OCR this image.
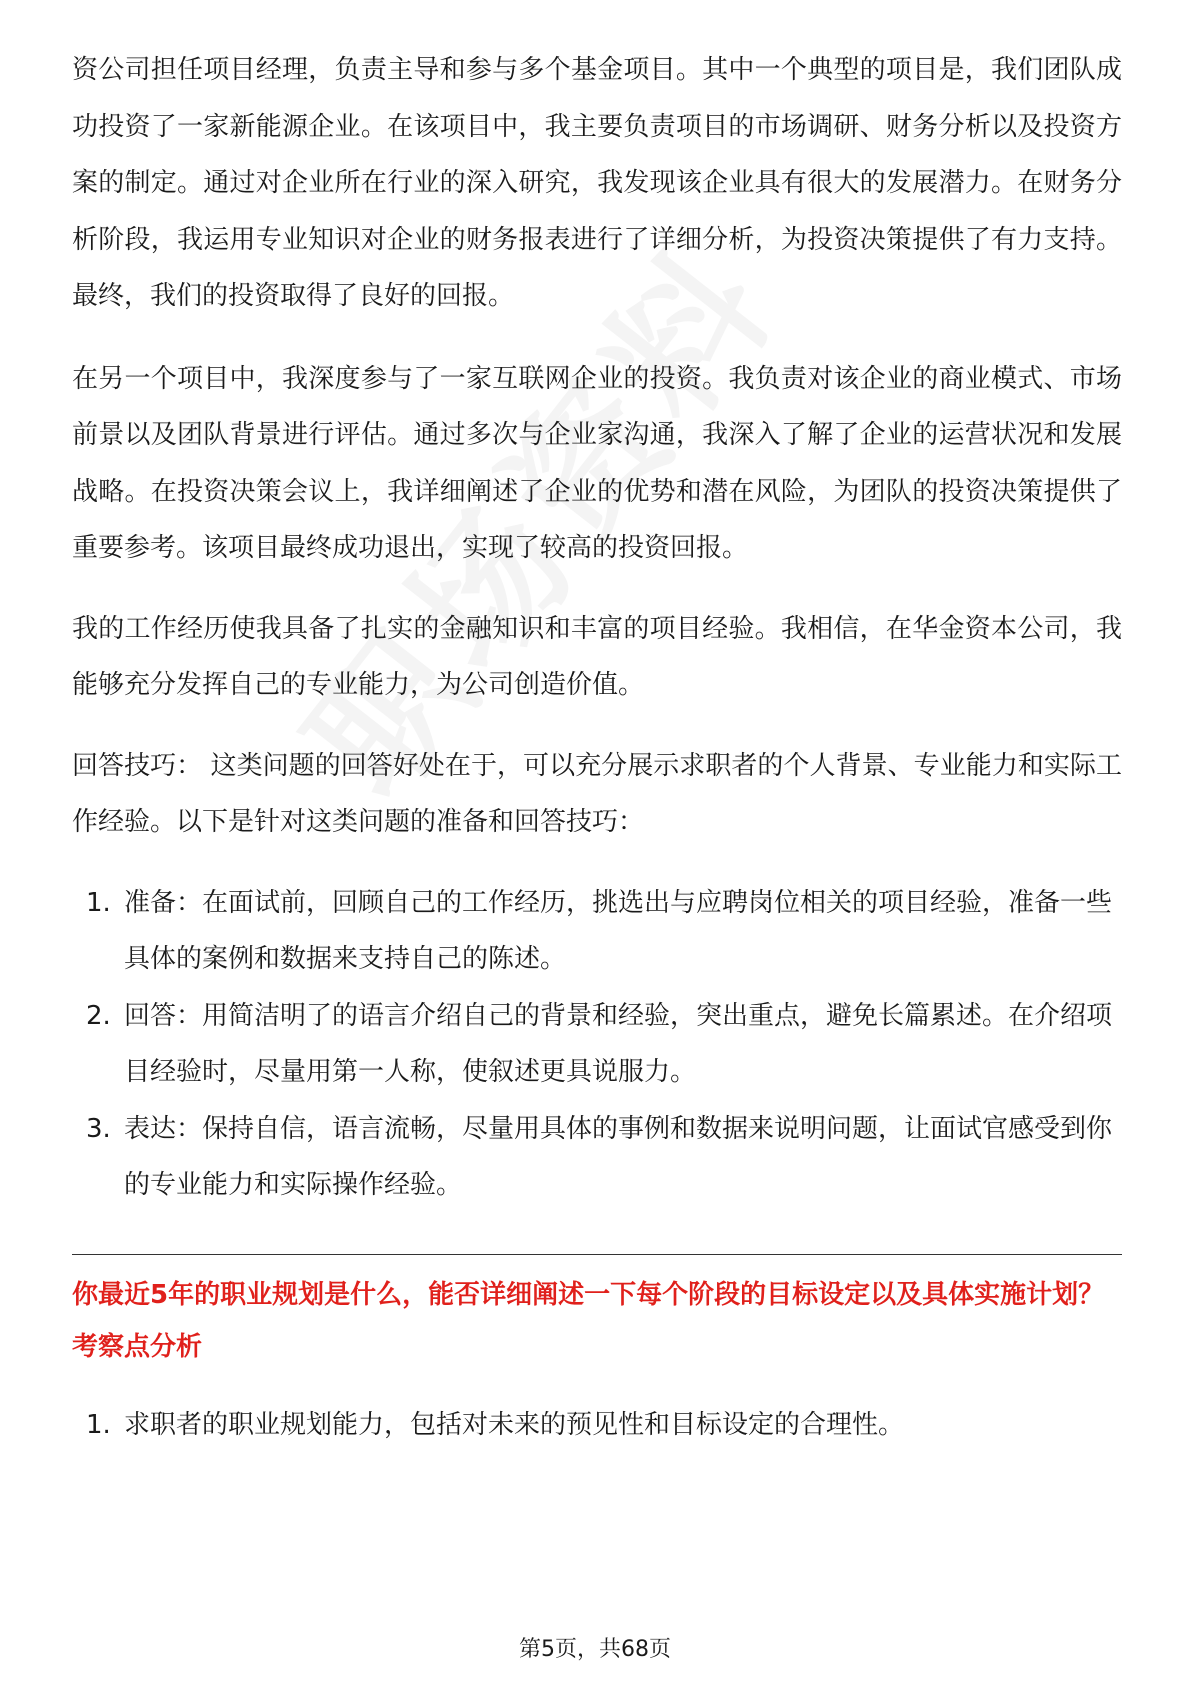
资公司担任项目经理，负责主导和参与多个基金项目。其中一个典型的项目是，我们团队成功投资了一家新能源企业。在该项目中，我主要负责项目的市场调研、财务分析以及投资方案的制定。通过对企业所在行业的深入研究，我发现该企业具有很大的发展潜力。在财务分析阶段，我运用专业知识对企业的财务报表进行了详细分析，为投资决策提供了有力支持。最终，我们的投资取得了良好的回报。

在另一个项目中，我深度参与了一家互联网企业的投资。我负责对该企业的商业模式、市场前景以及团队背景进行评估。通过多次与企业家沟通，我深入了解了企业的运营状况和发展战略。在投资决策会议上，我详细阐述了企业的优势和潜在风险，为团队的投资决策提供了重要参考。该项目最终成功退出，实现了较高的投资回报。

我的工作经历使我具备了扎实的金融知识和丰富的项目经验。我相信，在华金资本公司，我能够充分发挥自己的专业能力，为公司创造价值。

回答技巧： 这类问题的回答好处在于，可以充分展示求职者的个人背景、专业能力和实际工作经验。以下是针对这类问题的准备和回答技巧：

1. 准备：在面试前，回顾自己的工作经历，挑选出与应聘岗位相关的项目经验，准备一些具体的案例和数据来支持自己的陈述。
2. 回答：用简洁明了的语言介绍自己的背景和经验，突出重点，避免长篇累述。在介绍项目经验时，尽量用第一人称，使叙述更具说服力。
3. 表达：保持自信，语言流畅，尽量用具体的事例和数据来说明问题，让面试官感受到你的专业能力和实际操作经验。

你最近5年的职业规划是什么，能否详细阐述一下每个阶段的目标设定以及具体实施计划？

考察点分析

1. 求职者的职业规划能力，包括对未来的预见性和目标设定的合理性。
第5页，共68页
